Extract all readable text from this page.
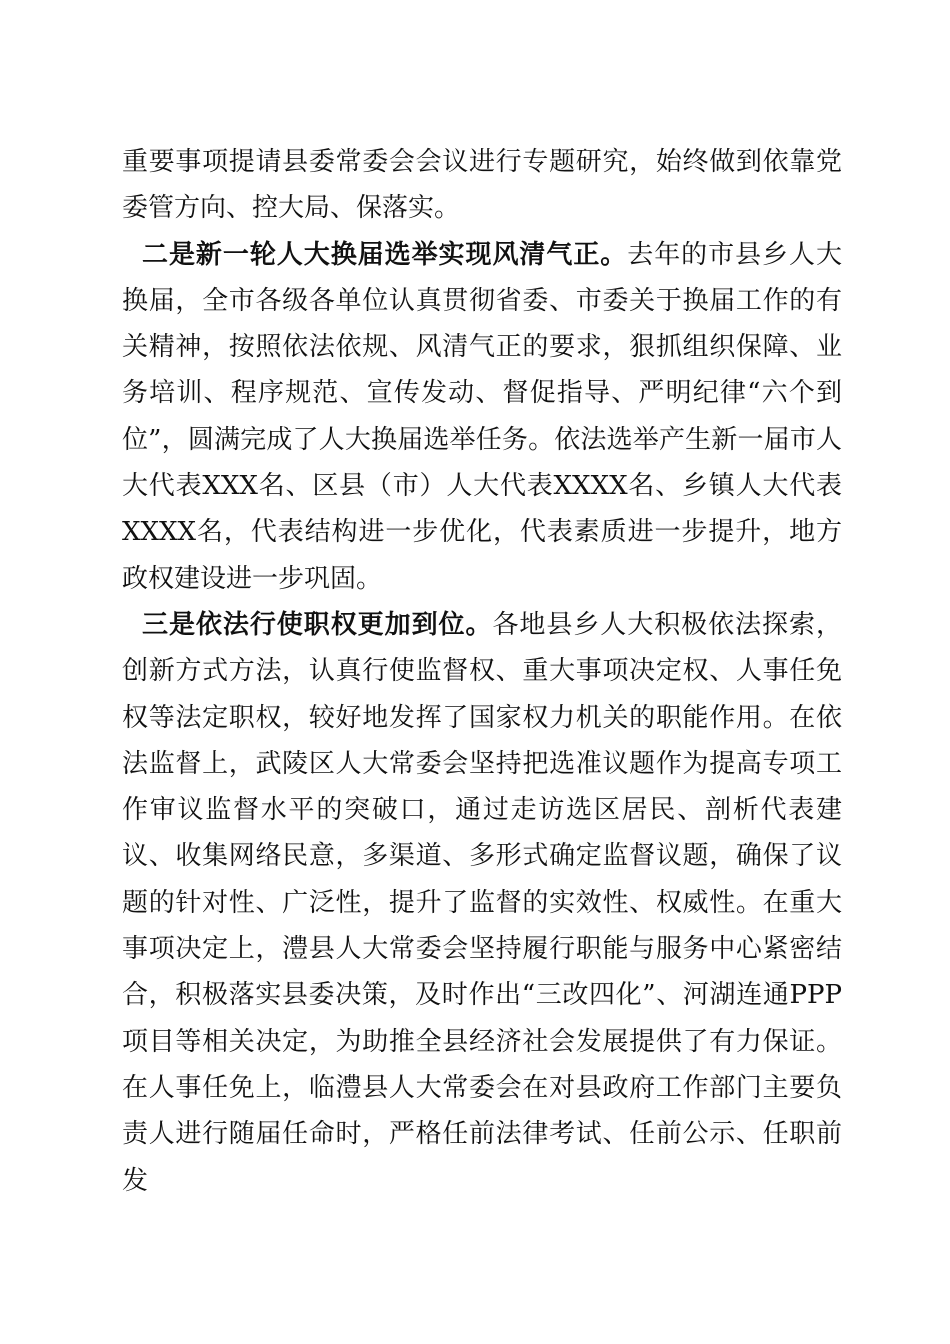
重要事项提请县委常委会会议进行专题研究，始终做到依靠党委管方向、控大局、保落实。

二是新一轮人大换届选举实现风清气正。去年的市县乡人大换届，全市各级各单位认真贯彻省委、市委关于换届工作的有关精神，按照依法依规、风清气正的要求，狠抓组织保障、业务培训、程序规范、宣传发动、督促指导、严明纪律“六个到位”，圆满完成了人大换届选举任务。依法选举产生新一届市人大代表XXX名、区县（市）人大代表XXXX名、乡镇人大代表XXXX名，代表结构进一步优化，代表素质进一步提升，地方政权建设进一步巩固。

三是依法行使职权更加到位。各地县乡人大积极依法探索，创新方式方法，认真行使监督权、重大事项决定权、人事任免权等法定职权，较好地发挥了国家权力机关的职能作用。在依法监督上，武陵区人大常委会坚持把选准议题作为提高专项工作审议监督水平的突破口，通过走访选区居民、剖析代表建议、收集网络民意，多渠道、多形式确定监督议题，确保了议题的针对性、广泛性，提升了监督的实效性、权威性。在重大事项决定上，澧县人大常委会坚持履行职能与服务中心紧密结合，积极落实县委决策，及时作出“三改四化”、河湖连通PPP项目等相关决定，为助推全县经济社会发展提供了有力保证。在人事任免上，临澧县人大常委会在对县政府工作部门主要负责人进行随届任命时，严格任前法律考试、任前公示、任职前发
